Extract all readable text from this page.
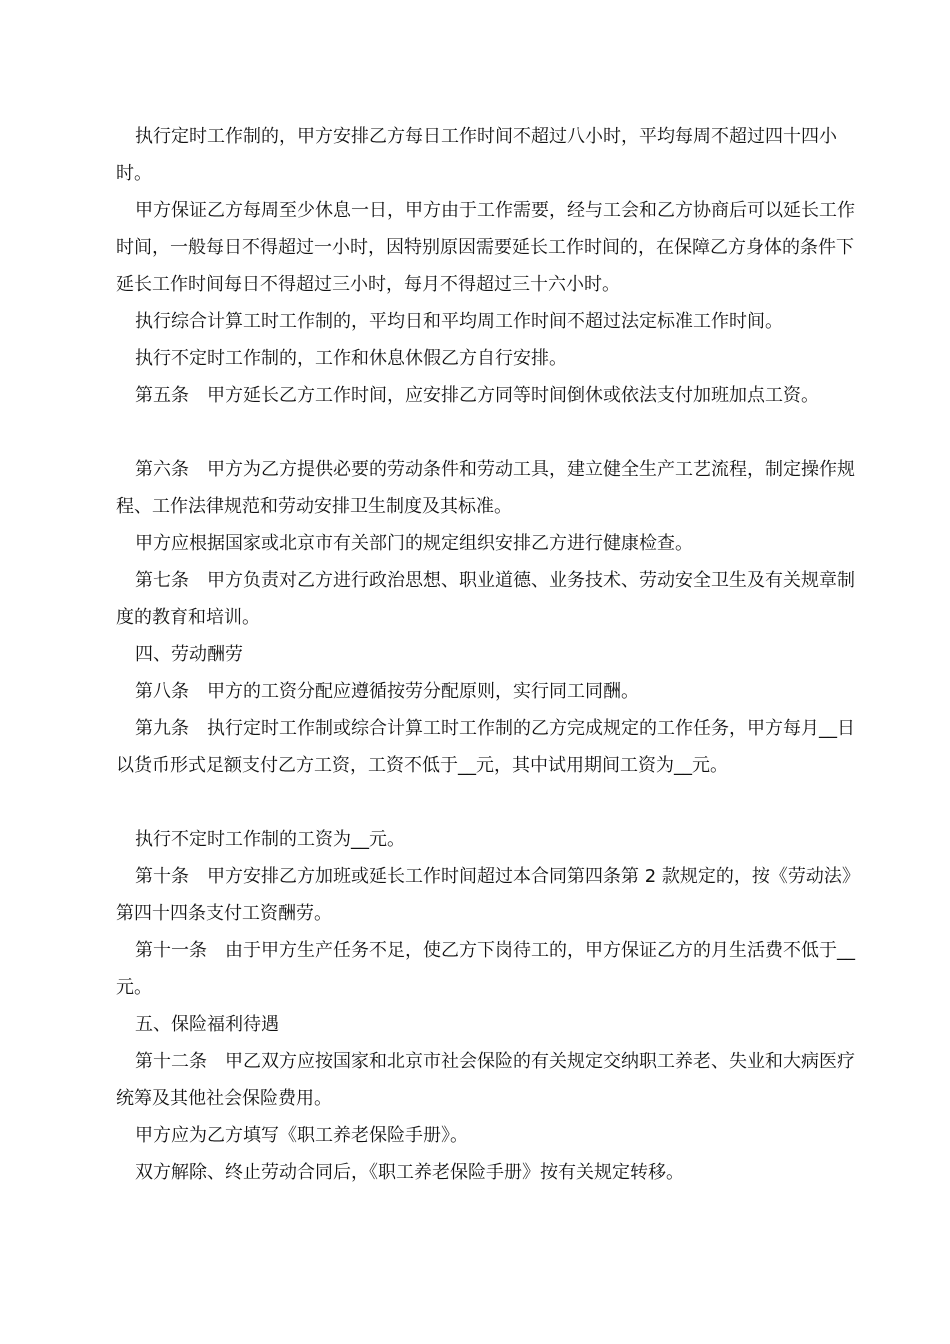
执行定时工作制的，甲方安排乙方每日工作时间不超过八小时，平均每周不超过四十四小时。

甲方保证乙方每周至少休息一日，甲方由于工作需要，经与工会和乙方协商后可以延长工作时间，一般每日不得超过一小时，因特别原因需要延长工作时间的，在保障乙方身体的条件下延长工作时间每日不得超过三小时，每月不得超过三十六小时。

执行综合计算工时工作制的，平均日和平均周工作时间不超过法定标准工作时间。

执行不定时工作制的，工作和休息休假乙方自行安排。

第五条　甲方延长乙方工作时间，应安排乙方同等时间倒休或依法支付加班加点工资。

第六条　甲方为乙方提供必要的劳动条件和劳动工具，建立健全生产工艺流程，制定操作规程、工作法律规范和劳动安排卫生制度及其标准。

甲方应根据国家或北京市有关部门的规定组织安排乙方进行健康检查。

第七条　甲方负责对乙方进行政治思想、职业道德、业务技术、劳动安全卫生及有关规章制度的教育和培训。

四、劳动酬劳

第八条　甲方的工资分配应遵循按劳分配原则，实行同工同酬。

第九条　执行定时工作制或综合计算工时工作制的乙方完成规定的工作任务，甲方每月__日以货币形式足额支付乙方工资，工资不低于__元，其中试用期间工资为__元。

执行不定时工作制的工资为__元。

第十条　甲方安排乙方加班或延长工作时间超过本合同第四条第 2 款规定的，按《劳动法》第四十四条支付工资酬劳。

第十一条　由于甲方生产任务不足，使乙方下岗待工的，甲方保证乙方的月生活费不低于__元。

五、保险福利待遇

第十二条　甲乙双方应按国家和北京市社会保险的有关规定交纳职工养老、失业和大病医疗统筹及其他社会保险费用。

甲方应为乙方填写《职工养老保险手册》。

双方解除、终止劳动合同后，《职工养老保险手册》按有关规定转移。
